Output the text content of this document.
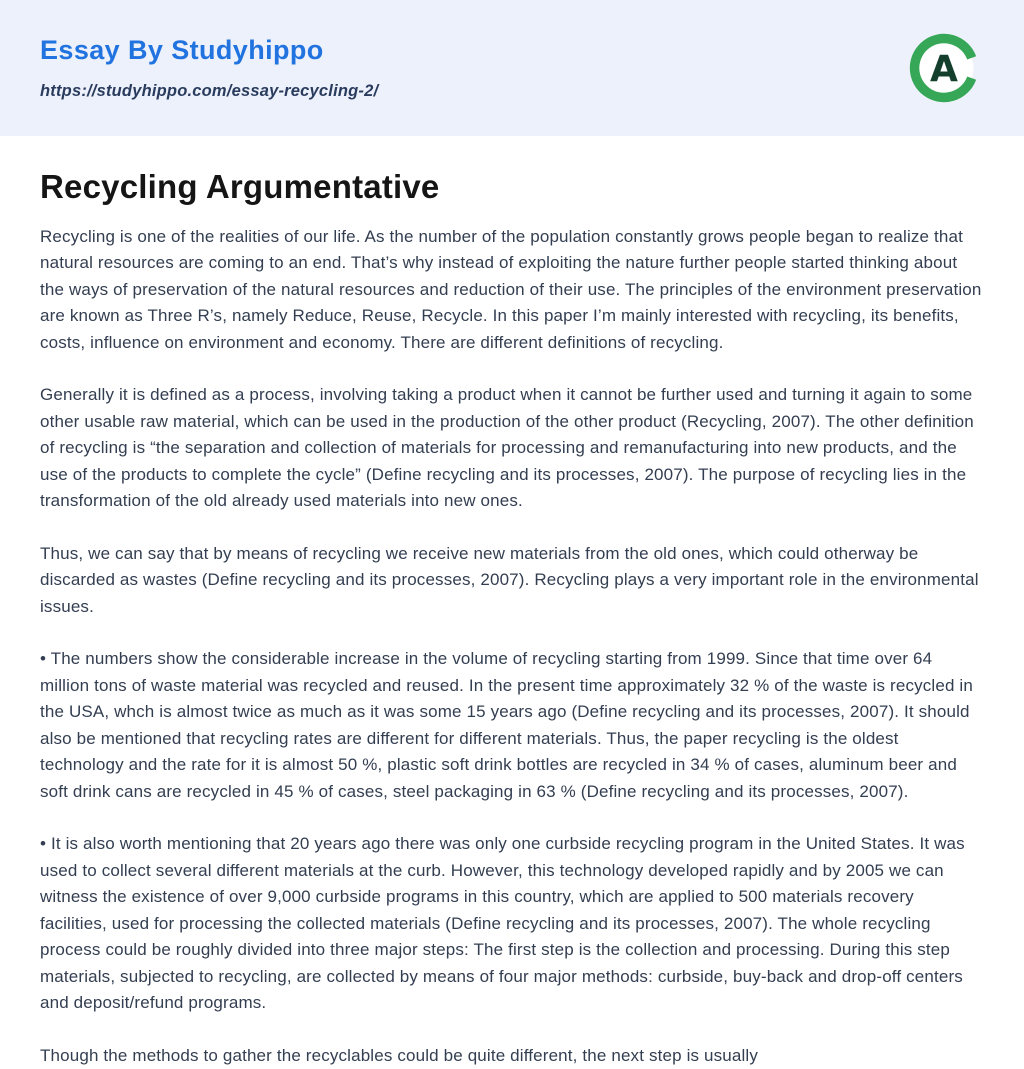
Essay By Studyhippo
https://studyhippo.com/essay-recycling-2/
A
Recycling Argumentative

Recycling is one of the realities of our life. As the number of the population constantly grows people began to realize that natural resources are coming to an end. That’s why instead of exploiting the nature further people started thinking about the ways of preservation of the natural resources and reduction of their use. The principles of the environment preservation are known as Three R’s, namely Reduce, Reuse, Recycle. In this paper I’m mainly interested with recycling, its benefits, costs, influence on environment and economy. There are different definitions of recycling.

Generally it is defined as a process, involving taking a product when it cannot be further used and turning it again to some other usable raw material, which can be used in the production of the other product (Recycling, 2007). The other definition of recycling is “the separation and collection of materials for processing and remanufacturing into new products, and the use of the products to complete the cycle” (Define recycling and its processes, 2007). The purpose of recycling lies in the transformation of the old already used materials into new ones.

Thus, we can say that by means of recycling we receive new materials from the old ones, which could otherway be discarded as wastes (Define recycling and its processes, 2007). Recycling plays a very important role in the environmental issues.

• The numbers show the considerable increase in the volume of recycling starting from 1999. Since that time over 64 million tons of waste material was recycled and reused. In the present time approximately 32 % of the waste is recycled in the USA, whch is almost twice as much as it was some 15 years ago (Define recycling and its processes, 2007). It should also be mentioned that recycling rates are different for different materials. Thus, the paper recycling is the oldest technology and the rate for it is almost 50 %, plastic soft drink bottles are recycled in 34 % of cases, aluminum beer and soft drink cans are recycled in 45 % of cases, steel packaging in 63 % (Define recycling and its processes, 2007).

• It is also worth mentioning that 20 years ago there was only one curbside recycling program in the United States. It was used to collect several different materials at the curb. However, this technology developed rapidly and by 2005 we can witness the existence of over 9,000 curbside programs in this country, which are applied to 500 materials recovery facilities, used for processing the collected materials (Define recycling and its processes, 2007). The whole recycling process could be roughly divided into three major steps: The first step is the collection and processing. During this step materials, subjected to recycling, are collected by means of four major methods: curbside, buy-back and drop-off centers and deposit/refund programs.

Though the methods to gather the recyclables could be quite different, the next step is usually
